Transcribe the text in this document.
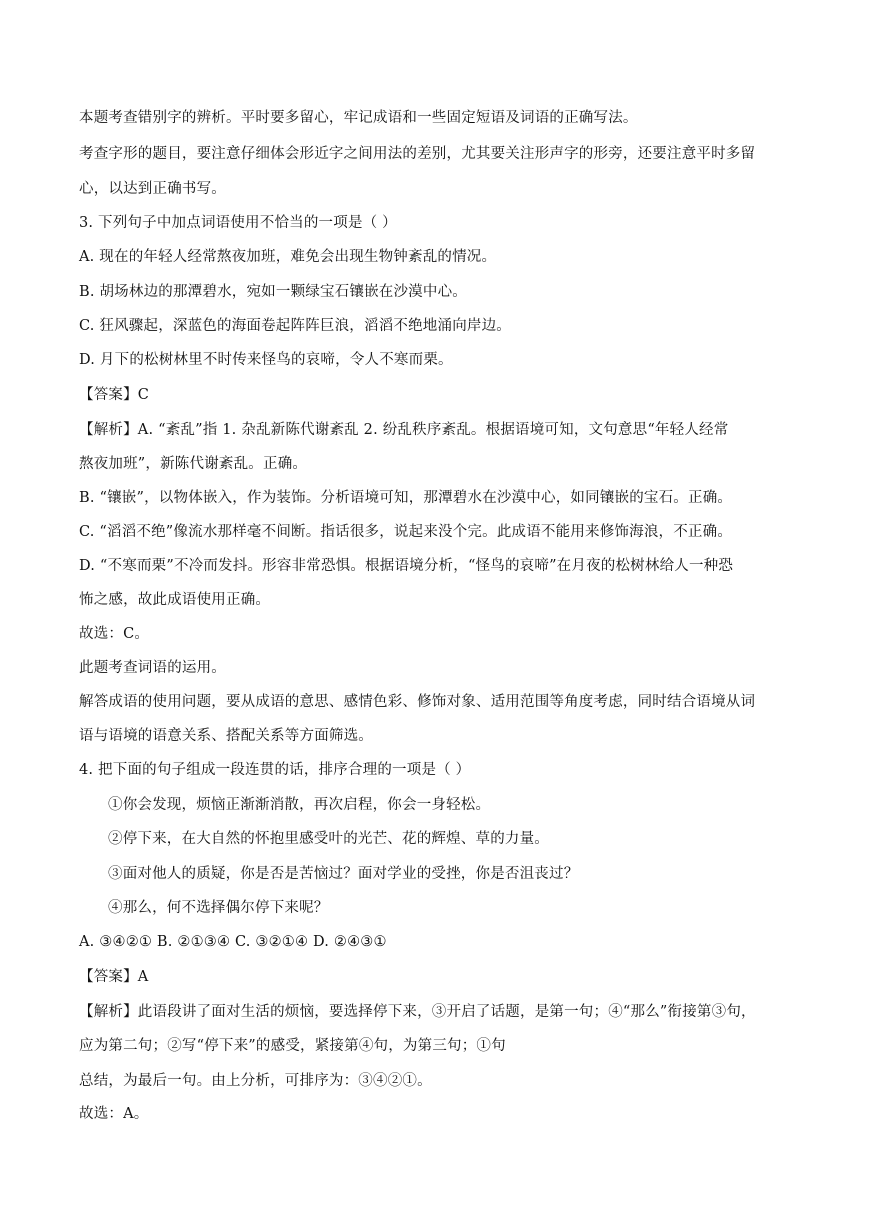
本题考查错别字的辨析。平时要多留心，牢记成语和一些固定短语及词语的正确写法。
考查字形的题目，要注意仔细体会形近字之间用法的差别，尤其要关注形声字的形旁，还要注意平时多留
心，以达到正确书写。
3. 下列句子中加点词语使用不恰当的一项是（ ）
A. 现在的年轻人经常熬夜加班，难免会出现生物钟紊乱的情况。
B. 胡场林边的那潭碧水，宛如一颗绿宝石镶嵌在沙漠中心。
C. 狂风骤起，深蓝色的海面卷起阵阵巨浪，滔滔不绝地涌向岸边。
D. 月下的松树林里不时传来怪鸟的哀啼，令人不寒而栗。
【答案】C
【解析】A. “紊乱”指 1. 杂乱新陈代谢紊乱 2. 纷乱秩序紊乱。根据语境可知，文句意思“年轻人经常
熬夜加班”，新陈代谢紊乱。正确。
B. “镶嵌”，以物体嵌入，作为装饰。分析语境可知，那潭碧水在沙漠中心，如同镶嵌的宝石。正确。
C. “滔滔不绝”像流水那样毫不间断。指话很多，说起来没个完。此成语不能用来修饰海浪，不正确。
D. “不寒而栗”不冷而发抖。形容非常恐惧。根据语境分析，“怪鸟的哀啼”在月夜的松树林给人一种恐
怖之感，故此成语使用正确。
故选：C。
此题考查词语的运用。
解答成语的使用问题，要从成语的意思、感情色彩、修饰对象、适用范围等角度考虑，同时结合语境从词
语与语境的语意关系、搭配关系等方面筛选。
4. 把下面的句子组成一段连贯的话，排序合理的一项是（ ）
①你会发现，烦恼正渐渐消散，再次启程，你会一身轻松。
②停下来，在大自然的怀抱里感受叶的光芒、花的辉煌、草的力量。
③面对他人的质疑，你是否是苦恼过？面对学业的受挫，你是否沮丧过？
④那么，何不选择偶尔停下来呢？
A. ③④②① B. ②①③④ C. ③②①④ D. ②④③①
【答案】A
【解析】此语段讲了面对生活的烦恼，要选择停下来，③开启了话题，是第一句；④“那么”衔接第③句，
应为第二句；②写“停下来”的感受，紧接第④句，为第三句；①句
总结，为最后一句。由上分析，可排序为：③④②①。
故选：A。
